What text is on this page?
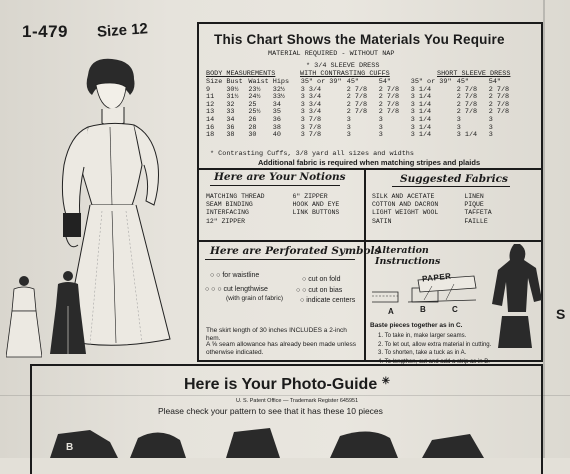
1-479 Size 12	This Chart Shows the Materials You Require
MATERIAL REQUIRED - WITHOUT NAP
* 3/4 SLEEVE DRESS
WITH CONTRASTING CUFFS	SHORT SLEEVE DRESS
BODY MEASUREMENTS
Size	Bust	Waist	Hips	35" or 39"	45"	54"	35" or 39"	45"	54"
9	30½	23½	32½	3 3/4	2 7/8	2 7/8	3 1/4	2 7/8	2 7/8
11	31½	24½	33½	3 3/4	2 7/8	2 7/8	3 1/4	2 7/8	2 7/8
12	32	25	34	3 3/4	2 7/8	2 7/8	3 1/4	2 7/8	2 7/8
13	33	25½	35	3 3/4	2 7/8	2 7/8	3 1/4	2 7/8	2 7/8
14	34	26	36	3 7/8	3	3	3 1/4	3	3
16	36	28	38	3 7/8	3	3	3 1/4	3	3
18	38	30	40	3 7/8	3	3	3 1/4	3 1/4	3
* Contrasting Cuffs, 3/8 yard all sizes and widths
Additional fabric is required when matching stripes and plaids
Here are Your Notions
MATCHING THREAD	6" ZIPPER
SEAM BINDING	HOOK AND EYE
INTERFACING	LINK BUTTONS
12" ZIPPER	
Suggested Fabrics
SILK AND ACETATE	LINEN
COTTON AND DACRON	PIQUE
LIGHT WEIGHT WOOL	TAFFETA
SATIN	FAILLE
Here are Perforated Symbols
○ ○ for waistline
○ ○ ○ cut lengthwise
(with grain of fabric)
○ cut on fold
○ ○ cut on bias
○ indicate centers
The skirt length of 30 inches INCLUDES a 2-inch hem.
A ⅝ seam allowance has already been made unless otherwise indicated.
Alteration Instructions
PAPER
A	B	C
Baste pieces together as in C.
1. To take in, make larger seams.
2. To let out, allow extra material in cutting.
3. To shorten, take a tuck as in A.
4. To lengthen, cut and add a strip as in B.
Here is Your Photo-Guide ✳
U. S. Patent Office — Trademark Register 645951
Please check your pattern to see that it has these 10 pieces
B
S
